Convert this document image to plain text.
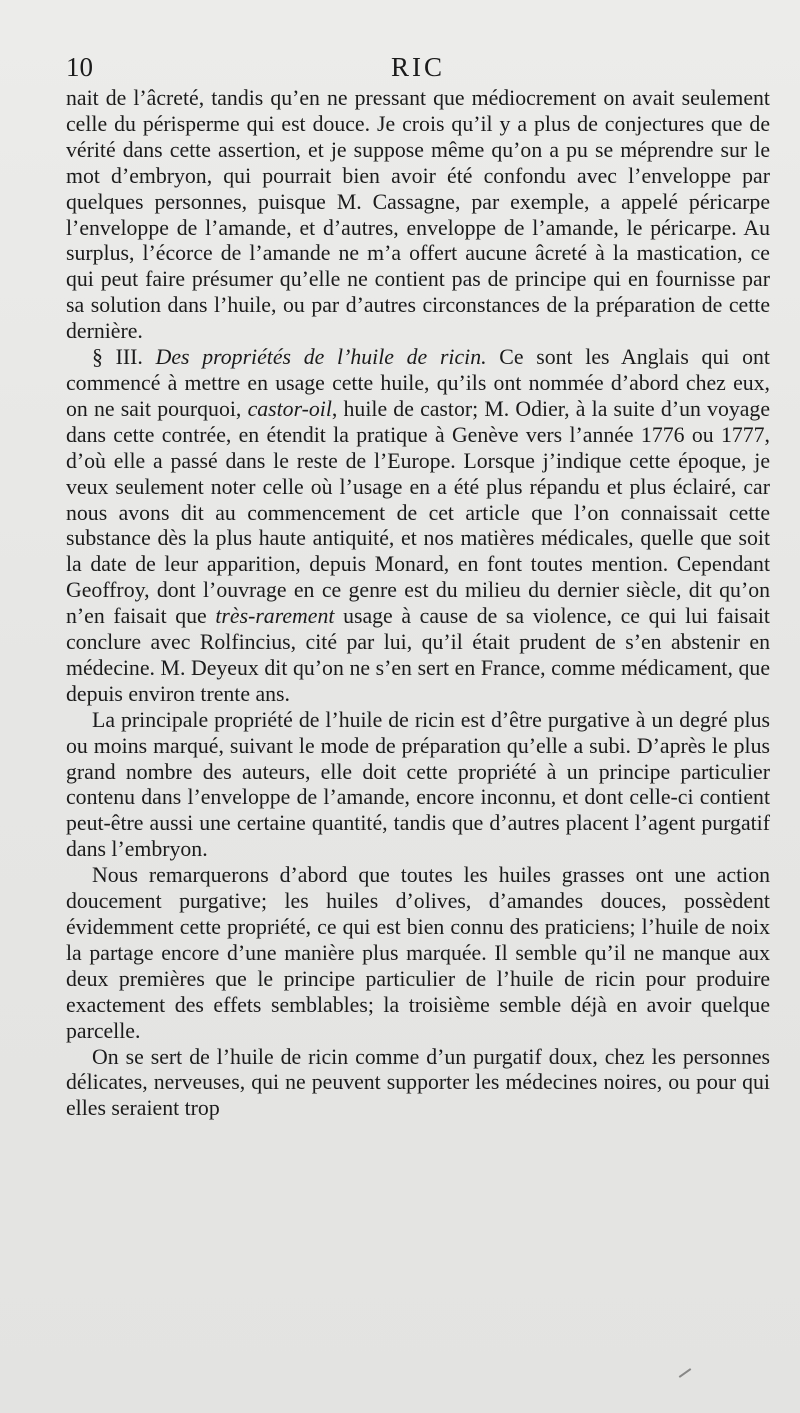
10	RIC

nait de l’âcreté, tandis qu’en ne pressant que médiocrement on avait seulement celle du périsperme qui est douce. Je crois qu’il y a plus de conjectures que de vérité dans cette assertion, et je suppose même qu’on a pu se méprendre sur le mot d’embryon, qui pourrait bien avoir été confondu avec l’enveloppe par quelques personnes, puisque M. Cassagne, par exemple, a appelé péricarpe l’enveloppe de l’amande, et d’autres, enveloppe de l’amande, le péricarpe. Au surplus, l’écorce de l’amande ne m’a offert aucune âcreté à la mastication, ce qui peut faire présumer qu’elle ne contient pas de principe qui en fournisse par sa solution dans l’huile, ou par d’autres circonstances de la préparation de cette dernière.

§ III. Des propriétés de l’huile de ricin. Ce sont les Anglais qui ont commencé à mettre en usage cette huile, qu’ils ont nommée d’abord chez eux, on ne sait pourquoi, castor-oil, huile de castor; M. Odier, à la suite d’un voyage dans cette contrée, en étendit la pratique à Genève vers l’année 1776 ou 1777, d’où elle a passé dans le reste de l’Europe. Lorsque j’indique cette époque, je veux seulement noter celle où l’usage en a été plus répandu et plus éclairé, car nous avons dit au commencement de cet article que l’on connaissait cette substance dès la plus haute antiquité, et nos matières médicales, quelle que soit la date de leur apparition, depuis Monard, en font toutes mention. Cependant Geoffroy, dont l’ouvrage en ce genre est du milieu du dernier siècle, dit qu’on n’en faisait que très-rarement usage à cause de sa violence, ce qui lui faisait conclure avec Rolfincius, cité par lui, qu’il était prudent de s’en abstenir en médecine. M. Deyeux dit qu’on ne s’en sert en France, comme médicament, que depuis environ trente ans.

La principale propriété de l’huile de ricin est d’être purgative à un degré plus ou moins marqué, suivant le mode de préparation qu’elle a subi. D’après le plus grand nombre des auteurs, elle doit cette propriété à un principe particulier contenu dans l’enveloppe de l’amande, encore inconnu, et dont celle-ci contient peut-être aussi une certaine quantité, tandis que d’autres placent l’agent purgatif dans l’embryon.

Nous remarquerons d’abord que toutes les huiles grasses ont une action doucement purgative; les huiles d’olives, d’amandes douces, possèdent évidemment cette propriété, ce qui est bien connu des praticiens; l’huile de noix la partage encore d’une manière plus marquée. Il semble qu’il ne manque aux deux premières que le principe particulier de l’huile de ricin pour produire exactement des effets semblables; la troisième semble déjà en avoir quelque parcelle.

On se sert de l’huile de ricin comme d’un purgatif doux, chez les personnes délicates, nerveuses, qui ne peuvent supporter les médecines noires, ou pour qui elles seraient trop
